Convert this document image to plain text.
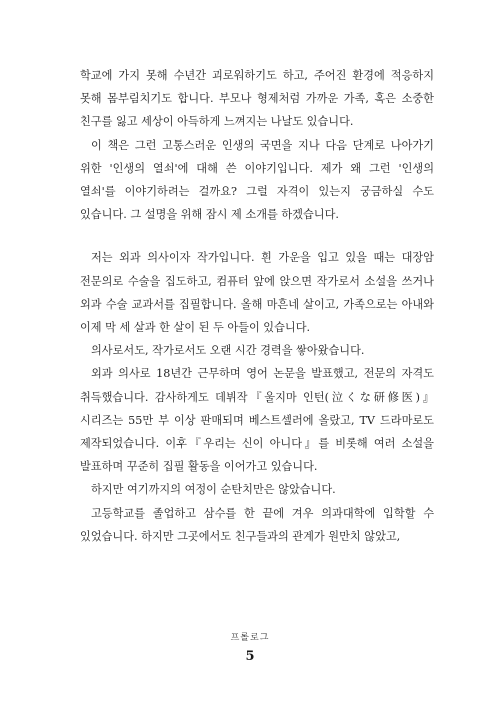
학교에 가지 못해 수년간 괴로워하기도 하고, 주어진 환경에 적응하지 못해 몸부림치기도 합니다. 부모나 형제처럼 가까운 가족, 혹은 소중한 친구를 잃고 세상이 아득하게 느껴지는 나날도 있습니다.

이 책은 그런 고통스러운 인생의 국면을 지나 다음 단계로 나아가기 위한 '인생의 열쇠'에 대해 쓴 이야기입니다. 제가 왜 그런 '인생의 열쇠'를 이야기하려는 걸까요? 그럴 자격이 있는지 궁금하실 수도 있습니다. 그 설명을 위해 잠시 제 소개를 하겠습니다.

저는 외과 의사이자 작가입니다. 흰 가운을 입고 있을 때는 대장암 전문의로 수술을 집도하고, 컴퓨터 앞에 앉으면 작가로서 소설을 쓰거나 외과 수술 교과서를 집필합니다. 올해 마흔네 살이고, 가족으로는 아내와 이제 막 세 살과 한 살이 된 두 아들이 있습니다.

의사로서도, 작가로서도 오랜 시간 경력을 쌓아왔습니다.

외과 의사로 18년간 근무하며 영어 논문을 발표했고, 전문의 자격도 취득했습니다. 감사하게도 데뷔작『울지마 인턴(泣くな研修医)』시리즈는 55만 부 이상 판매되며 베스트셀러에 올랐고, TV 드라마로도 제작되었습니다. 이후『우리는 신이 아니다』를 비롯해 여러 소설을 발표하며 꾸준히 집필 활동을 이어가고 있습니다.

하지만 여기까지의 여정이 순탄치만은 않았습니다.

고등학교를 졸업하고 삼수를 한 끝에 겨우 의과대학에 입학할 수 있었습니다. 하지만 그곳에서도 친구들과의 관계가 원만치 않았고,

프롤로그
5
